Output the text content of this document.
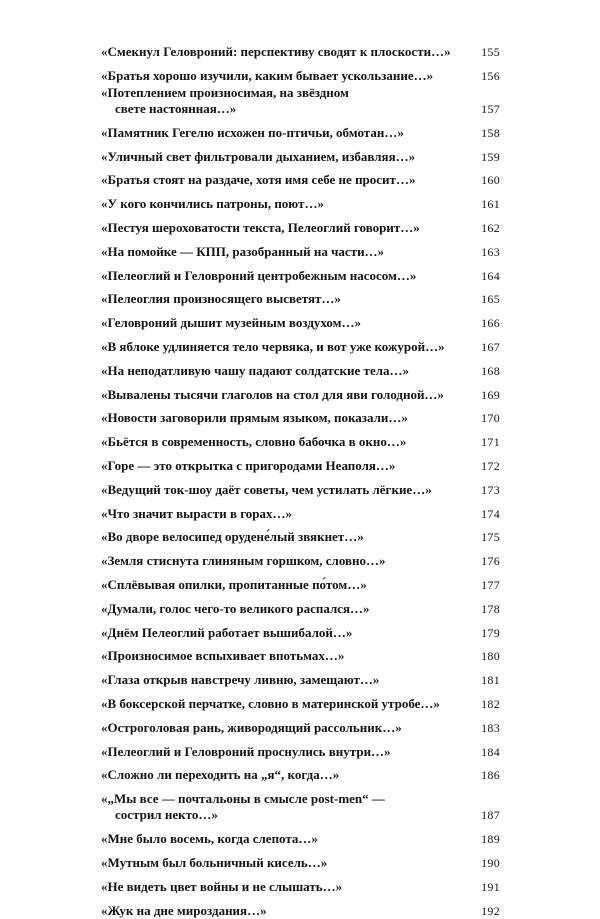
«Смекнул Геловроний: перспективу сводят к плоскости…»	155
«Братья хорошо изучили, каким бывает ускользание…»	156
«Потеплением произносимая, на звёздном
свете настоянная…»	157
«Памятник Гегелю исхожен по-птичьи, обмотан…»	158
«Уличный свет фильтровали дыханием, избавляя…»	159
«Братья стоят на раздаче, хотя имя себе не просит…»	160
«У кого кончились патроны, поют…»	161
«Пестуя шероховатости текста, Пелеоглий говорит…»	162
«На помойке — КПП, разобранный на части…»	163
«Пелеоглий и Геловроний центробежным насосом…»	164
«Пелеоглия произносящего высветят…»	165
«Геловроний дышит музейным воздухом…»	166
«В яблоке удлиняется тело червяка, и вот уже кожурой…»	167
«На неподатливую чашу падают солдатские тела…»	168
«Вывалены тысячи глаголов на стол для яви голодной…»	169
«Новости заговорили прямым языком, показали…»	170
«Бьётся в современность, словно бабочка в окно…»	171
«Горе — это открытка с пригородами Неаполя…»	172
«Ведущий ток-шоу даёт советы, чем устилать лёгкие…»	173
«Что значит вырасти в горах…»	174
«Во дворе велосипед орудене́лый звякнет…»	175
«Земля стиснута глиняным горшком, словно…»	176
«Сплёвывая опилки, пропитанные по́том…»	177
«Думали, голос чего-то великого распался…»	178
«Днём Пелеоглий работает вышибалой…»	179
«Произносимое вспыхивает впотьмах…»	180
«Глаза открыв навстречу ливню, замещают…»	181
«В боксерской перчатке, словно в материнской утробе…»	182
«Остроголовая рань, живородящий рассольник…»	183
«Пелеоглий и Геловроний проснулись внутри…»	184
«Сложно ли переходить на „я“, когда…»	186
«„Мы все — почтальоны в смысле post-men“ —
сострил некто…»	187
«Мне было восемь, когда слепота…»	189
«Мутным был больничный кисель…»	190
«Не видеть цвет войны и не слышать…»	191
«Жук на дне мироздания…»	192
